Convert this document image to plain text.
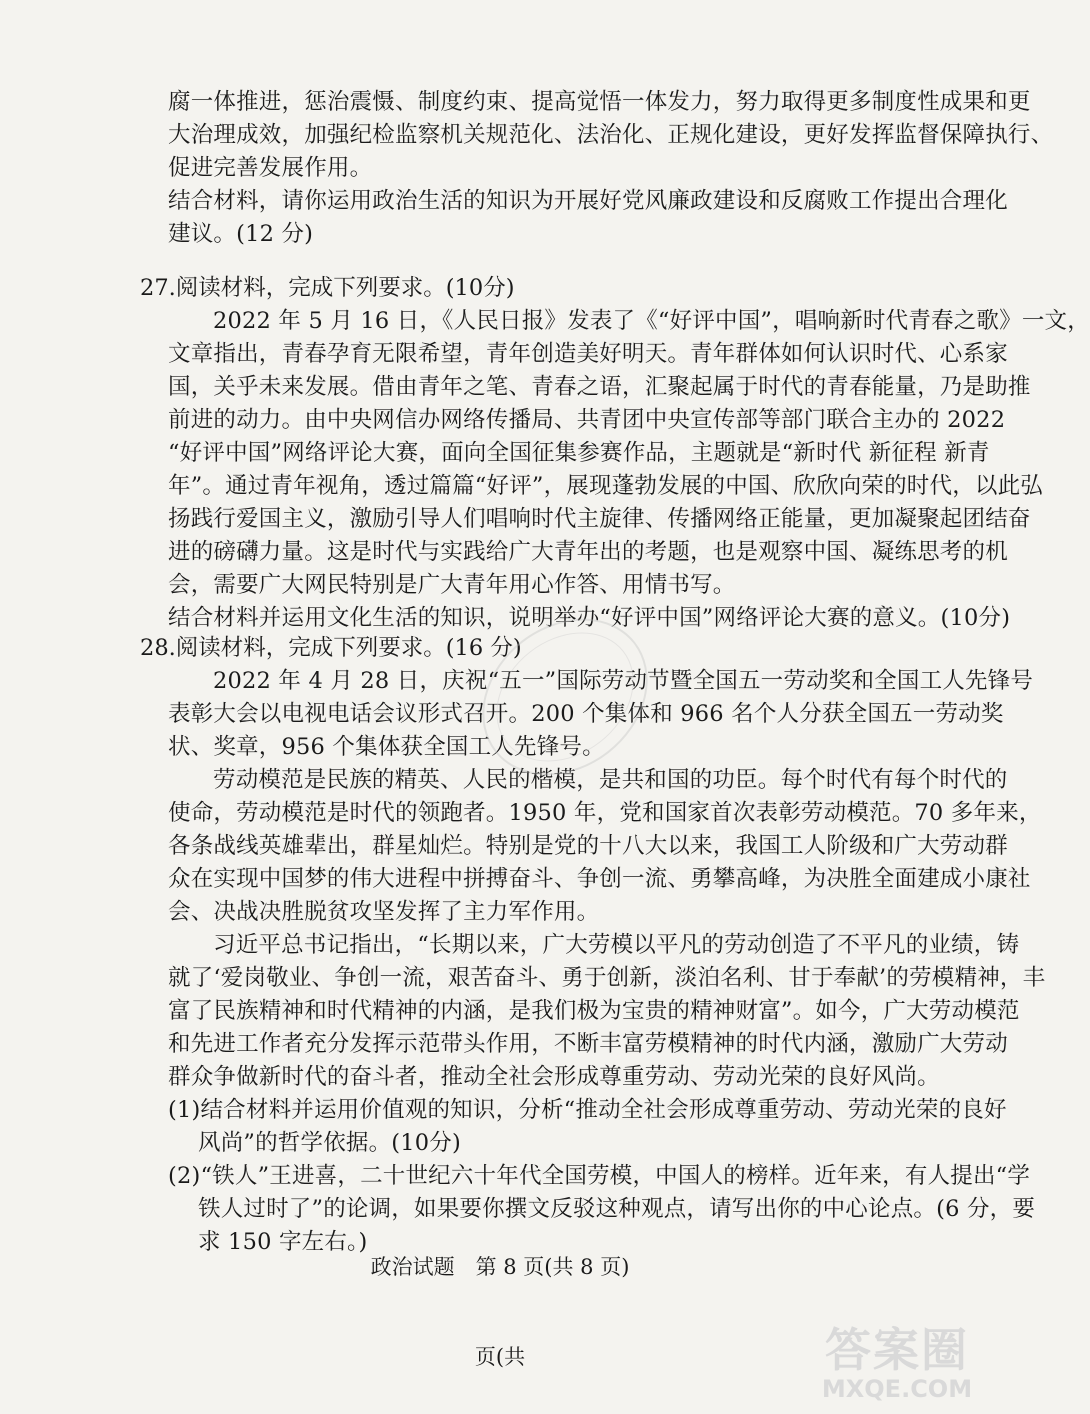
腐一体推进，惩治震慑、制度约束、提高觉悟一体发力，努力取得更多制度性成果和更
大治理成效，加强纪检监察机关规范化、法治化、正规化建设，更好发挥监督保障执行、
促进完善发展作用。
结合材料，请你运用政治生活的知识为开展好党风廉政建设和反腐败工作提出合理化
建议。(12 分)
27.阅读材料，完成下列要求。(10分)
2022 年 5 月 16 日，《人民日报》发表了《“好评中国”，唱响新时代青春之歌》一文，
文章指出，青春孕育无限希望，青年创造美好明天。青年群体如何认识时代、心系家
国，关乎未来发展。借由青年之笔、青春之语，汇聚起属于时代的青春能量，乃是助推
前进的动力。由中央网信办网络传播局、共青团中央宣传部等部门联合主办的 2022
“好评中国”网络评论大赛，面向全国征集参赛作品，主题就是“新时代 新征程 新青
年”。通过青年视角，透过篇篇“好评”，展现蓬勃发展的中国、欣欣向荣的时代，以此弘
扬践行爱国主义，激励引导人们唱响时代主旋律、传播网络正能量，更加凝聚起团结奋
进的磅礴力量。这是时代与实践给广大青年出的考题，也是观察中国、凝练思考的机
会，需要广大网民特别是广大青年用心作答、用情书写。
结合材料并运用文化生活的知识，说明举办“好评中国”网络评论大赛的意义。(10分)
28.阅读材料，完成下列要求。(16 分)
2022 年 4 月 28 日，庆祝“五一”国际劳动节暨全国五一劳动奖和全国工人先锋号
表彰大会以电视电话会议形式召开。200 个集体和 966 名个人分获全国五一劳动奖
状、奖章，956 个集体获全国工人先锋号。
劳动模范是民族的精英、人民的楷模，是共和国的功臣。每个时代有每个时代的
使命，劳动模范是时代的领跑者。1950 年，党和国家首次表彰劳动模范。70 多年来，
各条战线英雄辈出，群星灿烂。特别是党的十八大以来，我国工人阶级和广大劳动群
众在实现中国梦的伟大进程中拼搏奋斗、争创一流、勇攀高峰，为决胜全面建成小康社
会、决战决胜脱贫攻坚发挥了主力军作用。
习近平总书记指出，“长期以来，广大劳模以平凡的劳动创造了不平凡的业绩，铸
就了‘爱岗敬业、争创一流，艰苦奋斗、勇于创新，淡泊名利、甘于奉献’的劳模精神，丰
富了民族精神和时代精神的内涵，是我们极为宝贵的精神财富”。如今，广大劳动模范
和先进工作者充分发挥示范带头作用，不断丰富劳模精神的时代内涵，激励广大劳动
群众争做新时代的奋斗者，推动全社会形成尊重劳动、劳动光荣的良好风尚。
(1)结合材料并运用价值观的知识，分析“推动全社会形成尊重劳动、劳动光荣的良好
风尚”的哲学依据。(10分)
(2)“铁人”王进喜，二十世纪六十年代全国劳模，中国人的榜样。近年来，有人提出“学
铁人过时了”的论调，如果要你撰文反驳这种观点，请写出你的中心论点。(6 分，要
求 150 字左右。)
政治试题　第 8 页(共 8 页)
页(共	答案圈
MXQE.COM
